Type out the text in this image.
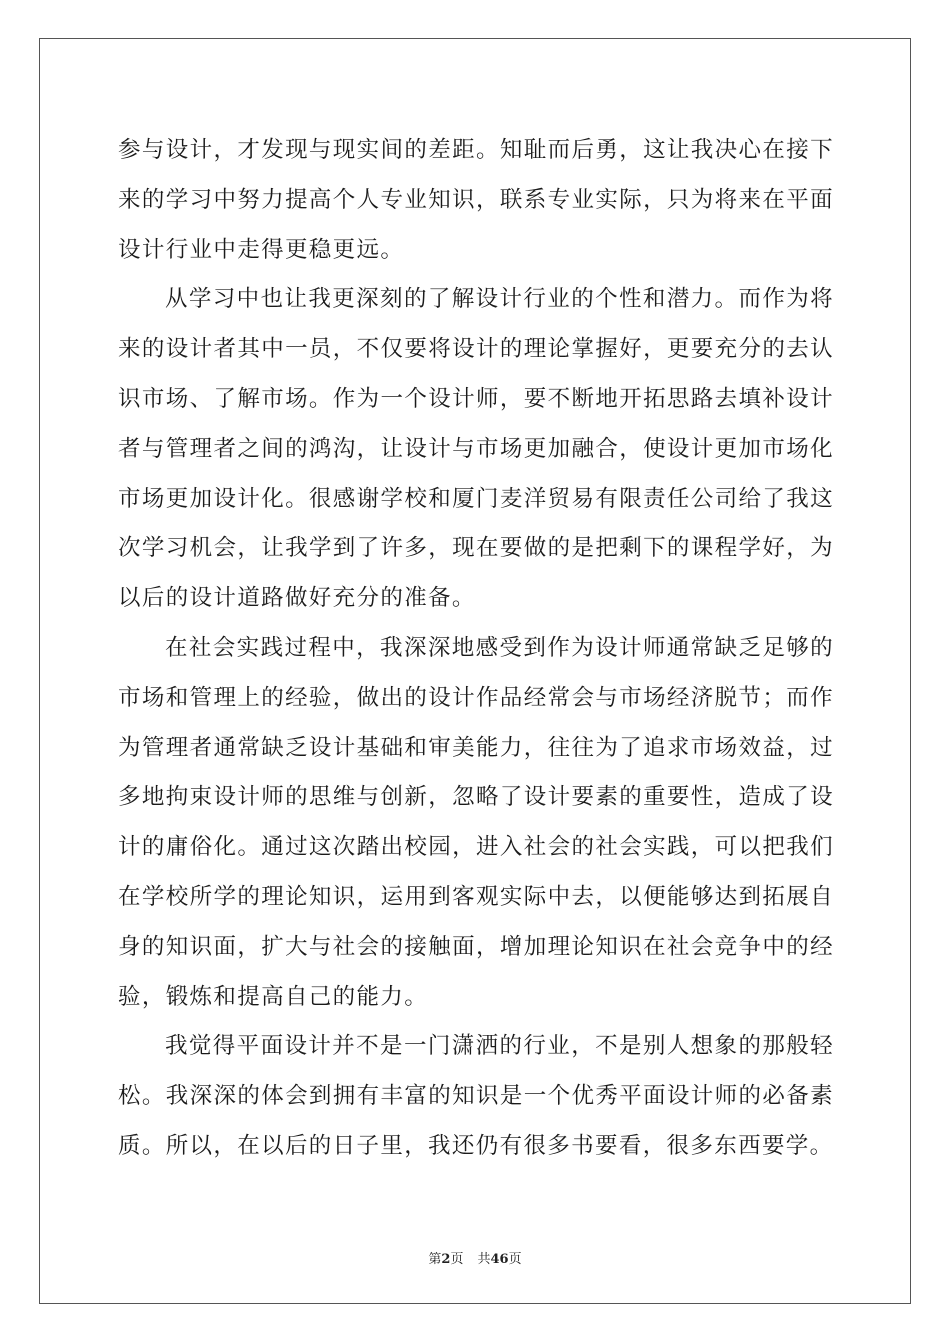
参与设计，才发现与现实间的差距。知耻而后勇，这让我决心在接下来的学习中努力提高个人专业知识，联系专业实际，只为将来在平面设计行业中走得更稳更远。

从学习中也让我更深刻的了解设计行业的个性和潜力。而作为将来的设计者其中一员，不仅要将设计的理论掌握好，更要充分的去认识市场、了解市场。作为一个设计师，要不断地开拓思路去填补设计者与管理者之间的鸿沟，让设计与市场更加融合，使设计更加市场化市场更加设计化。很感谢学校和厦门麦洋贸易有限责任公司给了我这次学习机会，让我学到了许多，现在要做的是把剩下的课程学好，为以后的设计道路做好充分的准备。

在社会实践过程中，我深深地感受到作为设计师通常缺乏足够的市场和管理上的经验，做出的设计作品经常会与市场经济脱节；而作为管理者通常缺乏设计基础和审美能力，往往为了追求市场效益，过多地拘束设计师的思维与创新，忽略了设计要素的重要性，造成了设计的庸俗化。通过这次踏出校园，进入社会的社会实践，可以把我们在学校所学的理论知识，运用到客观实际中去，以便能够达到拓展自身的知识面，扩大与社会的接触面，增加理论知识在社会竞争中的经验，锻炼和提高自己的能力。

我觉得平面设计并不是一门潇洒的行业，不是别人想象的那般轻松。我深深的体会到拥有丰富的知识是一个优秀平面设计师的必备素质。所以，在以后的日子里，我还仍有很多书要看，很多东西要学。

第2页 共46页
